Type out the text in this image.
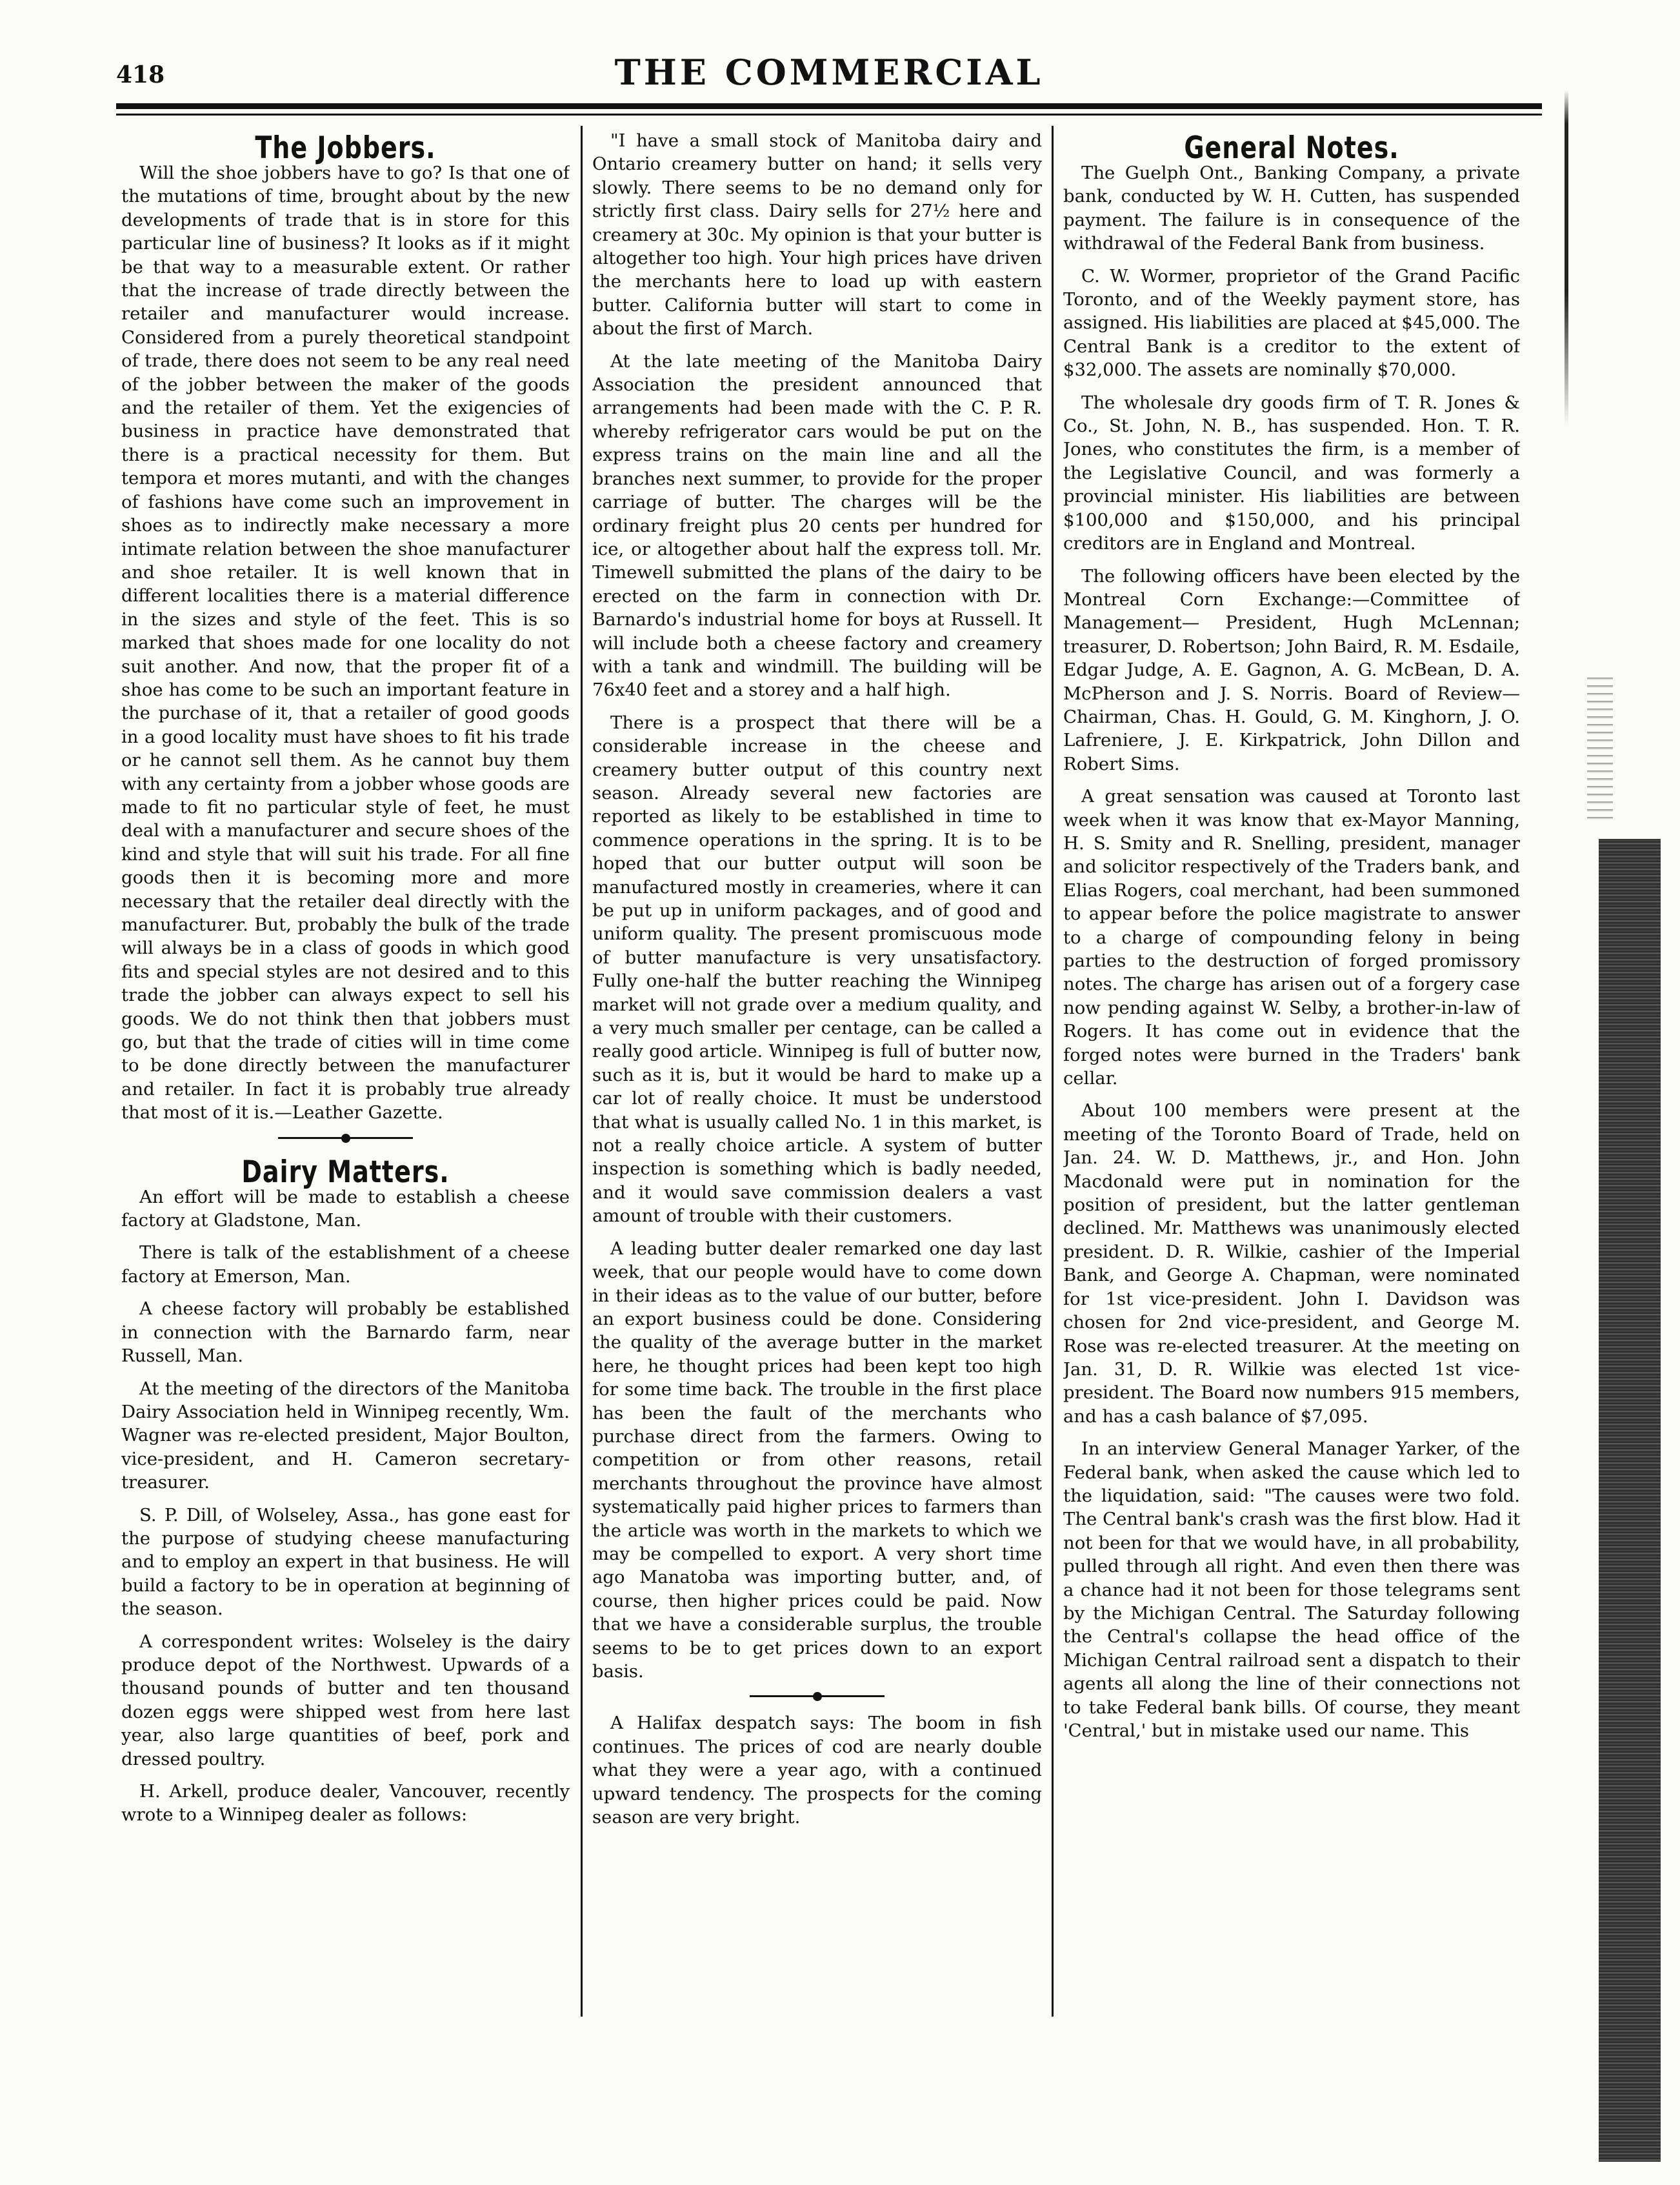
418	THE COMMERCIAL
The Jobbers.

Will the shoe jobbers have to go? Is that one of the mutations of time, brought about by the new developments of trade that is in store for this particular line of business? It looks as if it might be that way to a measurable extent. Or rather that the increase of trade directly between the retailer and manufacturer would increase. Considered from a purely theoretical standpoint of trade, there does not seem to be any real need of the jobber between the maker of the goods and the retailer of them. Yet the exigencies of business in practice have demonstrated that there is a practical necessity for them. But tempora et mores mutanti, and with the changes of fashions have come such an improvement in shoes as to indirectly make necessary a more intimate relation between the shoe manufacturer and shoe retailer. It is well known that in different localities there is a material difference in the sizes and style of the feet. This is so marked that shoes made for one locality do not suit another. And now, that the proper fit of a shoe has come to be such an important feature in the purchase of it, that a retailer of good goods in a good locality must have shoes to fit his trade or he cannot sell them. As he cannot buy them with any certainty from a jobber whose goods are made to fit no particular style of feet, he must deal with a manufacturer and secure shoes of the kind and style that will suit his trade. For all fine goods then it is becoming more and more necessary that the retailer deal directly with the manufacturer. But, probably the bulk of the trade will always be in a class of goods in which good fits and special styles are not desired and to this trade the jobber can always expect to sell his goods. We do not think then that jobbers must go, but that the trade of cities will in time come to be done directly between the manufacturer and retailer. In fact it is probably true already that most of it is.—Leather Gazette.

Dairy Matters.

An effort will be made to establish a cheese factory at Gladstone, Man.

There is talk of the establishment of a cheese factory at Emerson, Man.

A cheese factory will probably be established in connection with the Barnardo farm, near Russell, Man.

At the meeting of the directors of the Manitoba Dairy Association held in Winnipeg recently, Wm. Wagner was re-elected president, Major Boulton, vice-president, and H. Cameron secretary-treasurer.

S. P. Dill, of Wolseley, Assa., has gone east for the purpose of studying cheese manufacturing and to employ an expert in that business. He will build a factory to be in operation at beginning of the season.

A correspondent writes: Wolseley is the dairy produce depot of the Northwest. Upwards of a thousand pounds of butter and ten thousand dozen eggs were shipped west from here last year, also large quantities of beef, pork and dressed poultry.

H. Arkell, produce dealer, Vancouver, recently wrote to a Winnipeg dealer as follows:

"I have a small stock of Manitoba dairy and Ontario creamery butter on hand; it sells very slowly. There seems to be no demand only for strictly first class. Dairy sells for 27½ here and creamery at 30c. My opinion is that your butter is altogether too high. Your high prices have driven the merchants here to load up with eastern butter. California butter will start to come in about the first of March.

At the late meeting of the Manitoba Dairy Association the president announced that arrangements had been made with the C. P. R. whereby refrigerator cars would be put on the express trains on the main line and all the branches next summer, to provide for the proper carriage of butter. The charges will be the ordinary freight plus 20 cents per hundred for ice, or altogether about half the express toll. Mr. Timewell submitted the plans of the dairy to be erected on the farm in connection with Dr. Barnardo's industrial home for boys at Russell. It will include both a cheese factory and creamery with a tank and windmill. The building will be 76x40 feet and a storey and a half high.

There is a prospect that there will be a considerable increase in the cheese and creamery butter output of this country next season. Already several new factories are reported as likely to be established in time to commence operations in the spring. It is to be hoped that our butter output will soon be manufactured mostly in creameries, where it can be put up in uniform packages, and of good and uniform quality. The present promiscuous mode of butter manufacture is very unsatisfactory. Fully one-half the butter reaching the Winnipeg market will not grade over a medium quality, and a very much smaller per centage, can be called a really good article. Winnipeg is full of butter now, such as it is, but it would be hard to make up a car lot of really choice. It must be understood that what is usually called No. 1 in this market, is not a really choice article. A system of butter inspection is something which is badly needed, and it would save commission dealers a vast amount of trouble with their customers.

A leading butter dealer remarked one day last week, that our people would have to come down in their ideas as to the value of our butter, before an export business could be done. Considering the quality of the average butter in the market here, he thought prices had been kept too high for some time back. The trouble in the first place has been the fault of the merchants who purchase direct from the farmers. Owing to competition or from other reasons, retail merchants throughout the province have almost systematically paid higher prices to farmers than the article was worth in the markets to which we may be compelled to export. A very short time ago Manatoba was importing butter, and, of course, then higher prices could be paid. Now that we have a considerable surplus, the trouble seems to be to get prices down to an export basis.

A Halifax despatch says: The boom in fish continues. The prices of cod are nearly double what they were a year ago, with a continued upward tendency. The prospects for the coming season are very bright.

General Notes.

The Guelph Ont., Banking Company, a private bank, conducted by W. H. Cutten, has suspended payment. The failure is in consequence of the withdrawal of the Federal Bank from business.

C. W. Wormer, proprietor of the Grand Pacific Toronto, and of the Weekly payment store, has assigned. His liabilities are placed at $45,000. The Central Bank is a creditor to the extent of $32,000. The assets are nominally $70,000.

The wholesale dry goods firm of T. R. Jones & Co., St. John, N. B., has suspended. Hon. T. R. Jones, who constitutes the firm, is a member of the Legislative Council, and was formerly a provincial minister. His liabilities are between $100,000 and $150,000, and his principal creditors are in England and Montreal.

The following officers have been elected by the Montreal Corn Exchange:—Committee of Management— President, Hugh McLennan; treasurer, D. Robertson; John Baird, R. M. Esdaile, Edgar Judge, A. E. Gagnon, A. G. McBean, D. A. McPherson and J. S. Norris. Board of Review—Chairman, Chas. H. Gould, G. M. Kinghorn, J. O. Lafreniere, J. E. Kirkpatrick, John Dillon and Robert Sims.

A great sensation was caused at Toronto last week when it was know that ex-Mayor Manning, H. S. Smity and R. Snelling, president, manager and solicitor respectively of the Traders bank, and Elias Rogers, coal merchant, had been summoned to appear before the police magistrate to answer to a charge of compounding felony in being parties to the destruction of forged promissory notes. The charge has arisen out of a forgery case now pending against W. Selby, a brother-in-law of Rogers. It has come out in evidence that the forged notes were burned in the Traders' bank cellar.

About 100 members were present at the meeting of the Toronto Board of Trade, held on Jan. 24. W. D. Matthews, jr., and Hon. John Macdonald were put in nomination for the position of president, but the latter gentleman declined. Mr. Matthews was unanimously elected president. D. R. Wilkie, cashier of the Imperial Bank, and George A. Chapman, were nominated for 1st vice-president. John I. Davidson was chosen for 2nd vice-president, and George M. Rose was re-elected treasurer. At the meeting on Jan. 31, D. R. Wilkie was elected 1st vice-president. The Board now numbers 915 members, and has a cash balance of $7,095.

In an interview General Manager Yarker, of the Federal bank, when asked the cause which led to the liquidation, said: "The causes were two fold. The Central bank's crash was the first blow. Had it not been for that we would have, in all probability, pulled through all right. And even then there was a chance had it not been for those telegrams sent by the Michigan Central. The Saturday following the Central's collapse the head office of the Michigan Central railroad sent a dispatch to their agents all along the line of their connections not to take Federal bank bills. Of course, they meant 'Central,' but in mistake used our name. This
